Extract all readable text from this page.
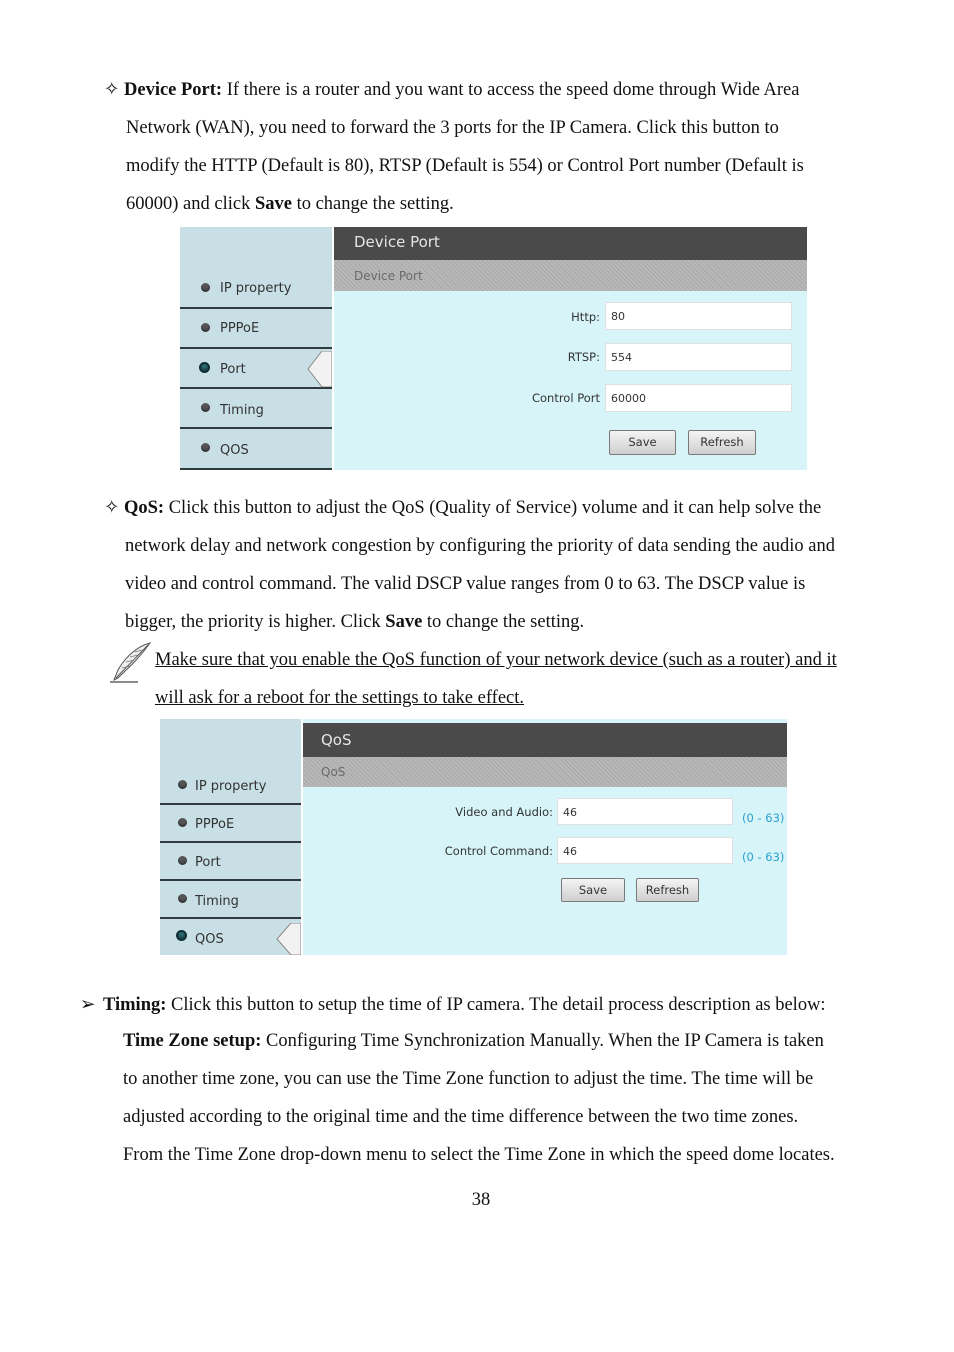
✧ Device Port: If there is a router and you want to access the speed dome through Wide Area
Network (WAN), you need to forward the 3 ports for the IP Camera. Click this button to
modify the HTTP (Default is 80), RTSP (Default is 554) or Control Port number (Default is
60000) and click Save to change the setting.
IP property
PPPoE
Port
Timing
QOS
Device Port
Device Port
Http:	80
RTSP:	554
Control Port	60000
Save	Refresh
✧ QoS: Click this button to adjust the QoS (Quality of Service) volume and it can help solve the
network delay and network congestion by configuring the priority of data sending the audio and
video and control command. The valid DSCP value ranges from 0 to 63. The DSCP value is
bigger, the priority is higher. Click Save to change the setting.
Make sure that you enable the QoS function of your network device (such as a router) and it
will ask for a reboot for the settings to take effect.
IP property
PPPoE
Port
Timing
QOS
QoS
QoS
Video and Audio: 46	(0 - 63)
Control Command: 46	(0 - 63)
Save	Refresh
➢ Timing: Click this button to setup the time of IP camera. The detail process description as below:
Time Zone setup: Configuring Time Synchronization Manually. When the IP Camera is taken
to another time zone, you can use the Time Zone function to adjust the time. The time will be
adjusted according to the original time and the time difference between the two time zones.
From the Time Zone drop-down menu to select the Time Zone in which the speed dome locates.
38
